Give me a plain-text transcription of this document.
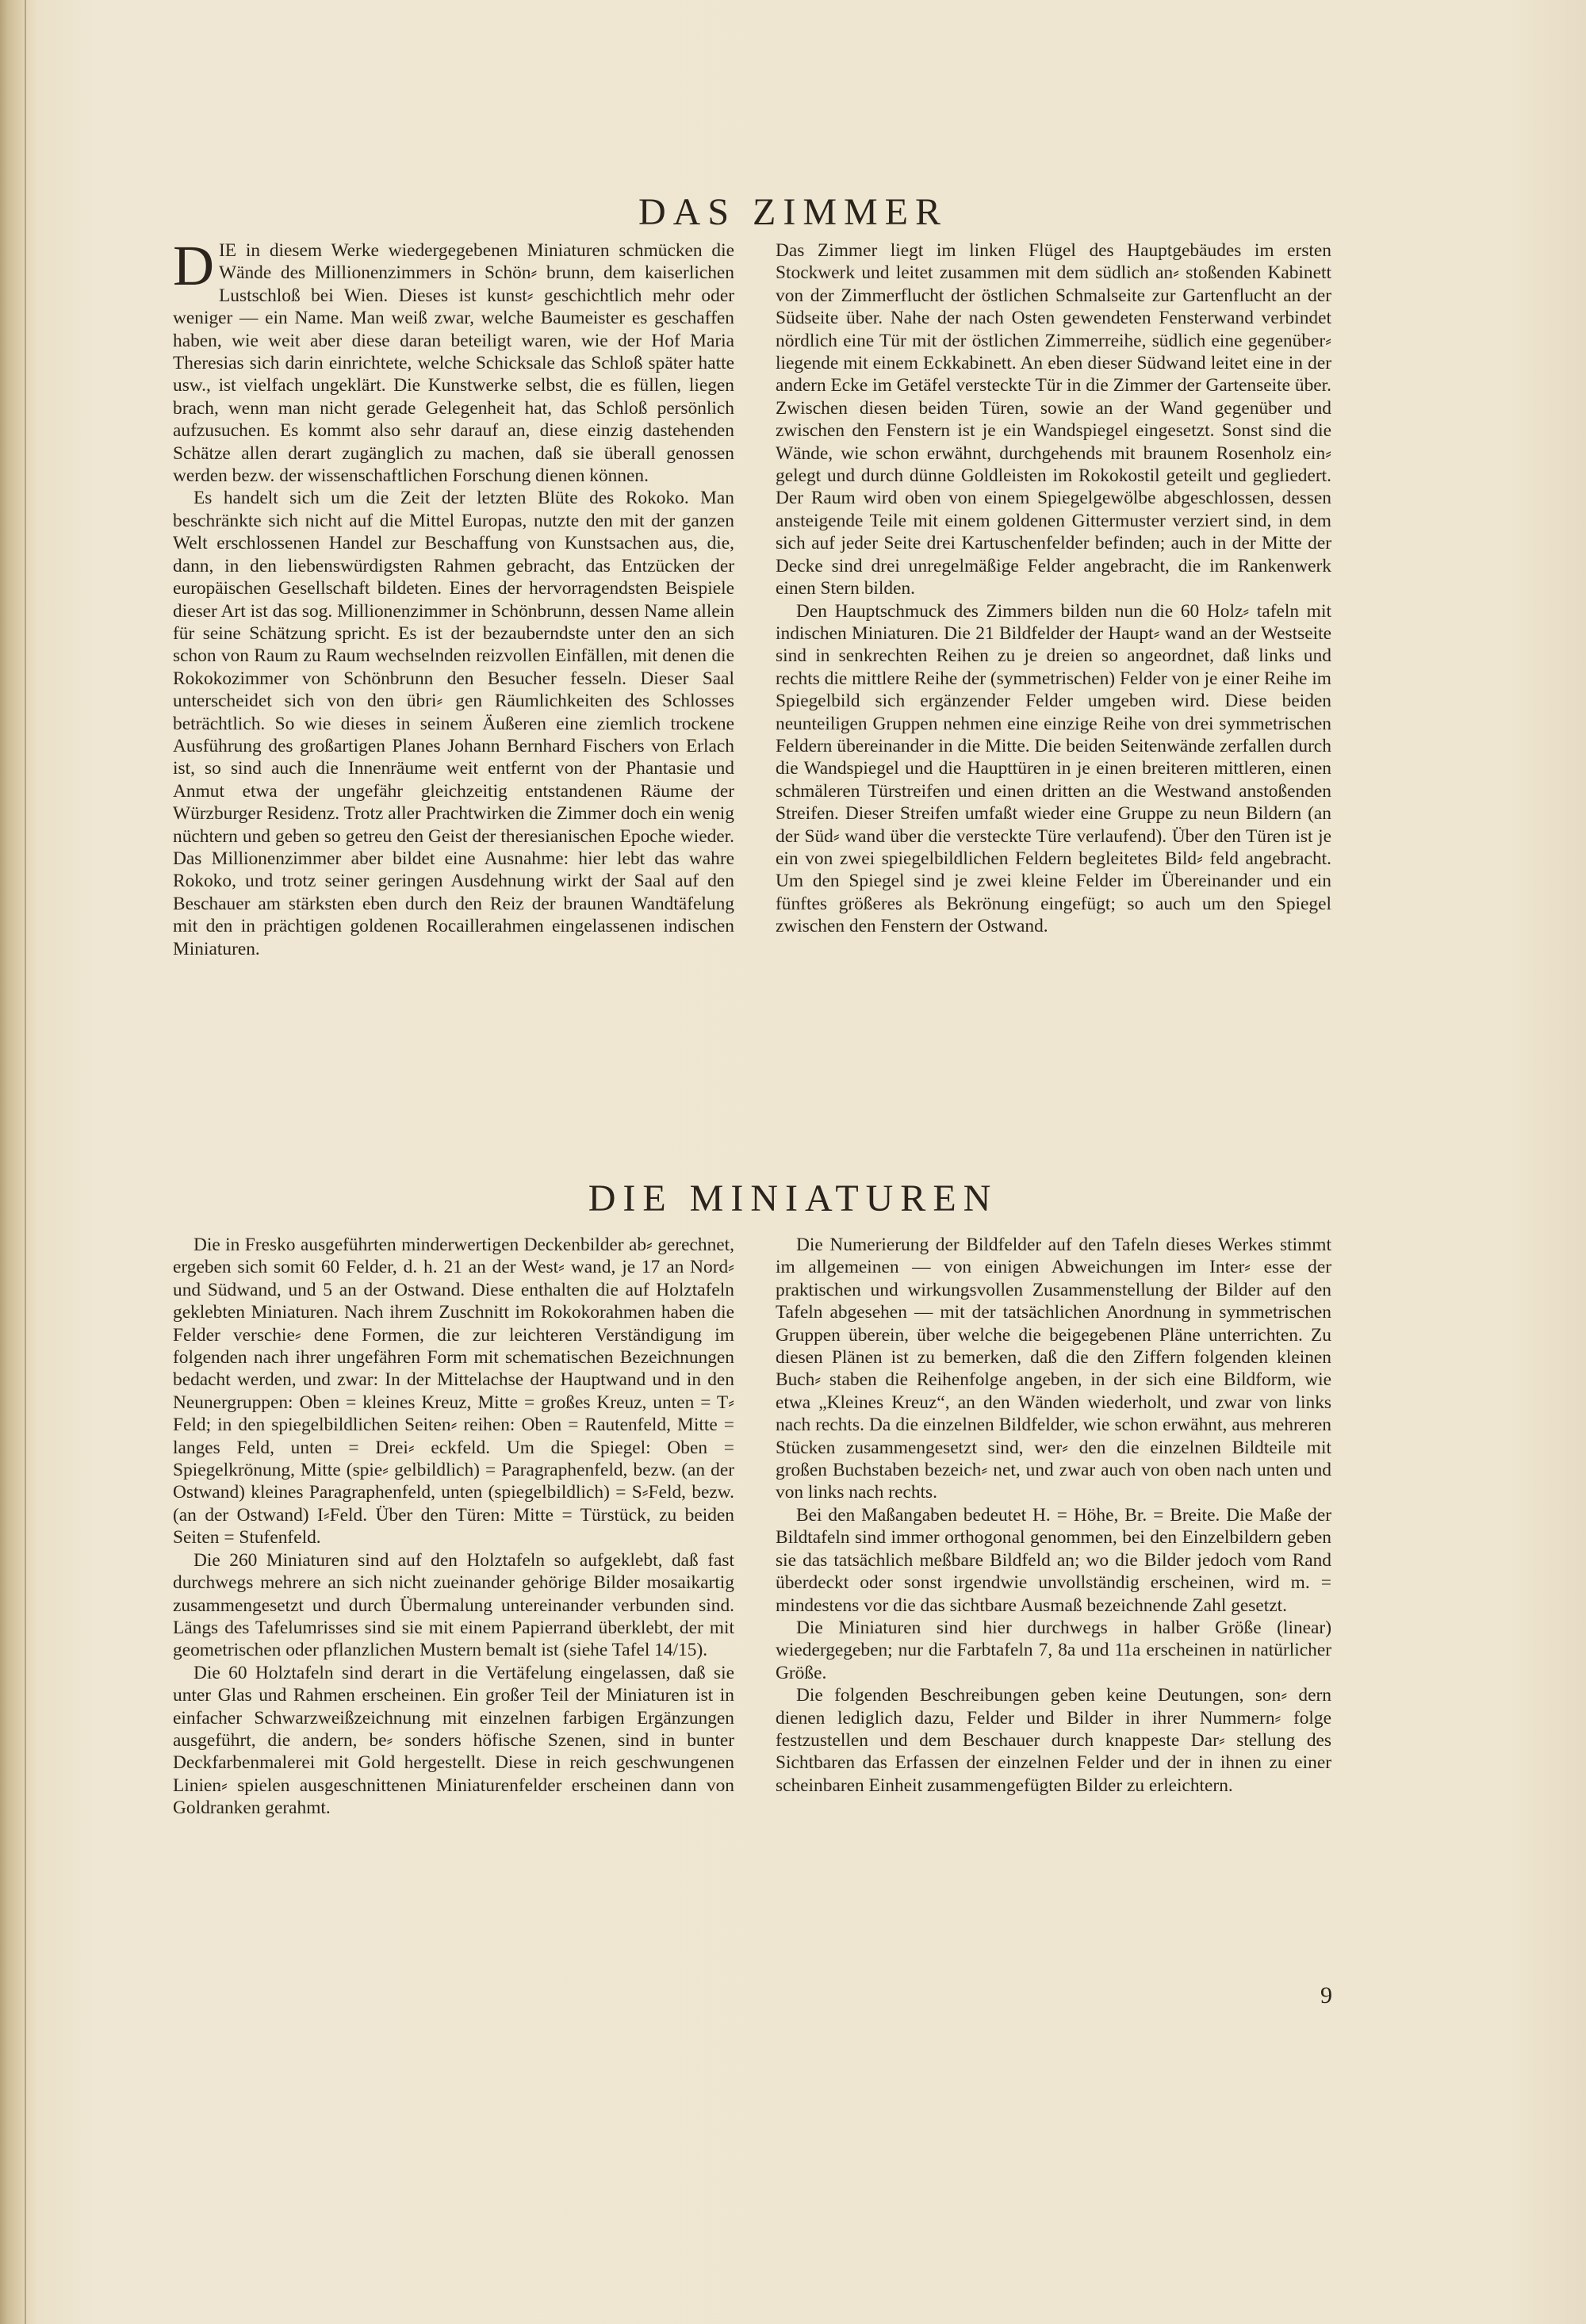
DAS ZIMMER

DIE in diesem Werke wiedergegebenen Miniaturen schmücken die Wände des Millionenzimmers in Schön⸗ brunn, dem kaiserlichen Lustschloß bei Wien. Dieses ist kunst⸗ geschichtlich mehr oder weniger — ein Name. Man weiß zwar, welche Baumeister es geschaffen haben, wie weit aber diese daran beteiligt waren, wie der Hof Maria Theresias sich darin einrichtete, welche Schicksale das Schloß später hatte usw., ist vielfach ungeklärt. Die Kunstwerke selbst, die es füllen, liegen brach, wenn man nicht gerade Gelegenheit hat, das Schloß persönlich aufzusuchen. Es kommt also sehr darauf an, diese einzig dastehenden Schätze allen derart zugänglich zu machen, daß sie überall genossen werden bezw. der wissenschaftlichen Forschung dienen können.

Es handelt sich um die Zeit der letzten Blüte des Rokoko. Man beschränkte sich nicht auf die Mittel Europas, nutzte den mit der ganzen Welt erschlossenen Handel zur Beschaffung von Kunstsachen aus, die, dann, in den liebenswürdigsten Rahmen gebracht, das Entzücken der europäischen Gesellschaft bildeten. Eines der hervorragendsten Beispiele dieser Art ist das sog. Millionenzimmer in Schönbrunn, dessen Name allein für seine Schätzung spricht. Es ist der bezauberndste unter den an sich schon von Raum zu Raum wechselnden reizvollen Einfällen, mit denen die Rokokozimmer von Schönbrunn den Besucher fesseln. Dieser Saal unterscheidet sich von den übri⸗ gen Räumlichkeiten des Schlosses beträchtlich. So wie dieses in seinem Äußeren eine ziemlich trockene Ausführung des großartigen Planes Johann Bernhard Fischers von Erlach ist, so sind auch die Innenräume weit entfernt von der Phantasie und Anmut etwa der ungefähr gleichzeitig entstandenen Räume der Würzburger Residenz. Trotz aller Prachtwirken die Zimmer doch ein wenig nüchtern und geben so getreu den Geist der theresianischen Epoche wieder. Das Millionenzimmer aber bildet eine Ausnahme: hier lebt das wahre Rokoko, und trotz seiner geringen Ausdehnung wirkt der Saal auf den Beschauer am stärksten eben durch den Reiz der braunen Wandtäfelung mit den in prächtigen goldenen Rocaillerahmen eingelassenen indischen Miniaturen.

Das Zimmer liegt im linken Flügel des Hauptgebäudes im ersten Stockwerk und leitet zusammen mit dem südlich an⸗ stoßenden Kabinett von der Zimmerflucht der östlichen Schmalseite zur Gartenflucht an der Südseite über. Nahe der nach Osten gewendeten Fensterwand verbindet nördlich eine Tür mit der östlichen Zimmerreihe, südlich eine gegenüber⸗ liegende mit einem Eckkabinett. An eben dieser Südwand leitet eine in der andern Ecke im Getäfel versteckte Tür in die Zimmer der Gartenseite über. Zwischen diesen beiden Türen, sowie an der Wand gegenüber und zwischen den Fenstern ist je ein Wandspiegel eingesetzt. Sonst sind die Wände, wie schon erwähnt, durchgehends mit braunem Rosenholz ein⸗ gelegt und durch dünne Goldleisten im Rokokostil geteilt und gegliedert. Der Raum wird oben von einem Spiegelgewölbe abgeschlossen, dessen ansteigende Teile mit einem goldenen Gittermuster verziert sind, in dem sich auf jeder Seite drei Kartuschenfelder befinden; auch in der Mitte der Decke sind drei unregelmäßige Felder angebracht, die im Rankenwerk einen Stern bilden.

Den Hauptschmuck des Zimmers bilden nun die 60 Holz⸗ tafeln mit indischen Miniaturen. Die 21 Bildfelder der Haupt⸗ wand an der Westseite sind in senkrechten Reihen zu je dreien so angeordnet, daß links und rechts die mittlere Reihe der (symmetrischen) Felder von je einer Reihe im Spiegelbild sich ergänzender Felder umgeben wird. Diese beiden neunteiligen Gruppen nehmen eine einzige Reihe von drei symmetrischen Feldern übereinander in die Mitte. Die beiden Seitenwände zerfallen durch die Wandspiegel und die Haupttüren in je einen breiteren mittleren, einen schmäleren Türstreifen und einen dritten an die Westwand anstoßenden Streifen. Dieser Streifen umfaßt wieder eine Gruppe zu neun Bildern (an der Süd⸗ wand über die versteckte Türe verlaufend). Über den Türen ist je ein von zwei spiegelbildlichen Feldern begleitetes Bild⸗ feld angebracht. Um den Spiegel sind je zwei kleine Felder im Übereinander und ein fünftes größeres als Bekrönung eingefügt; so auch um den Spiegel zwischen den Fenstern der Ostwand.

DIE MINIATUREN

Die in Fresko ausgeführten minderwertigen Deckenbilder ab⸗ gerechnet, ergeben sich somit 60 Felder, d. h. 21 an der West⸗ wand, je 17 an Nord⸗ und Südwand, und 5 an der Ostwand. Diese enthalten die auf Holztafeln geklebten Miniaturen. Nach ihrem Zuschnitt im Rokokorahmen haben die Felder verschie⸗ dene Formen, die zur leichteren Verständigung im folgenden nach ihrer ungefähren Form mit schematischen Bezeichnungen bedacht werden, und zwar: In der Mittelachse der Hauptwand und in den Neunergruppen: Oben = kleines Kreuz, Mitte = großes Kreuz, unten = T⸗Feld; in den spiegelbildlichen Seiten⸗ reihen: Oben = Rautenfeld, Mitte = langes Feld, unten = Drei⸗ eckfeld. Um die Spiegel: Oben = Spiegelkrönung, Mitte (spie⸗ gelbildlich) = Paragraphenfeld, bezw. (an der Ostwand) kleines Paragraphenfeld, unten (spiegelbildlich) = S⸗Feld, bezw. (an der Ostwand) I⸗Feld. Über den Türen: Mitte = Türstück, zu beiden Seiten = Stufenfeld.

Die 260 Miniaturen sind auf den Holztafeln so aufgeklebt, daß fast durchwegs mehrere an sich nicht zueinander gehörige Bilder mosaikartig zusammengesetzt und durch Übermalung untereinander verbunden sind. Längs des Tafelumrisses sind sie mit einem Papierrand überklebt, der mit geometrischen oder pflanzlichen Mustern bemalt ist (siehe Tafel 14/15).

Die 60 Holztafeln sind derart in die Vertäfelung eingelassen, daß sie unter Glas und Rahmen erscheinen. Ein großer Teil der Miniaturen ist in einfacher Schwarzweißzeichnung mit einzelnen farbigen Ergänzungen ausgeführt, die andern, be⸗ sonders höfische Szenen, sind in bunter Deckfarbenmalerei mit Gold hergestellt. Diese in reich geschwungenen Linien⸗ spielen ausgeschnittenen Miniaturenfelder erscheinen dann von Goldranken gerahmt.

Die Numerierung der Bildfelder auf den Tafeln dieses Werkes stimmt im allgemeinen — von einigen Abweichungen im Inter⸗ esse der praktischen und wirkungsvollen Zusammenstellung der Bilder auf den Tafeln abgesehen — mit der tatsächlichen Anordnung in symmetrischen Gruppen überein, über welche die beigegebenen Pläne unterrichten. Zu diesen Plänen ist zu bemerken, daß die den Ziffern folgenden kleinen Buch⸗ staben die Reihenfolge angeben, in der sich eine Bildform, wie etwa „Kleines Kreuz“, an den Wänden wiederholt, und zwar von links nach rechts. Da die einzelnen Bildfelder, wie schon erwähnt, aus mehreren Stücken zusammengesetzt sind, wer⸗ den die einzelnen Bildteile mit großen Buchstaben bezeich⸗ net, und zwar auch von oben nach unten und von links nach rechts.

Bei den Maßangaben bedeutet H. = Höhe, Br. = Breite. Die Maße der Bildtafeln sind immer orthogonal genommen, bei den Einzelbildern geben sie das tatsächlich meßbare Bildfeld an; wo die Bilder jedoch vom Rand überdeckt oder sonst irgendwie unvollständig erscheinen, wird m. = mindestens vor die das sichtbare Ausmaß bezeichnende Zahl gesetzt.

Die Miniaturen sind hier durchwegs in halber Größe (linear) wiedergegeben; nur die Farbtafeln 7, 8a und 11a erscheinen in natürlicher Größe.

Die folgenden Beschreibungen geben keine Deutungen, son⸗ dern dienen lediglich dazu, Felder und Bilder in ihrer Nummern⸗ folge festzustellen und dem Beschauer durch knappeste Dar⸗ stellung des Sichtbaren das Erfassen der einzelnen Felder und der in ihnen zu einer scheinbaren Einheit zusammengefügten Bilder zu erleichtern.

9
